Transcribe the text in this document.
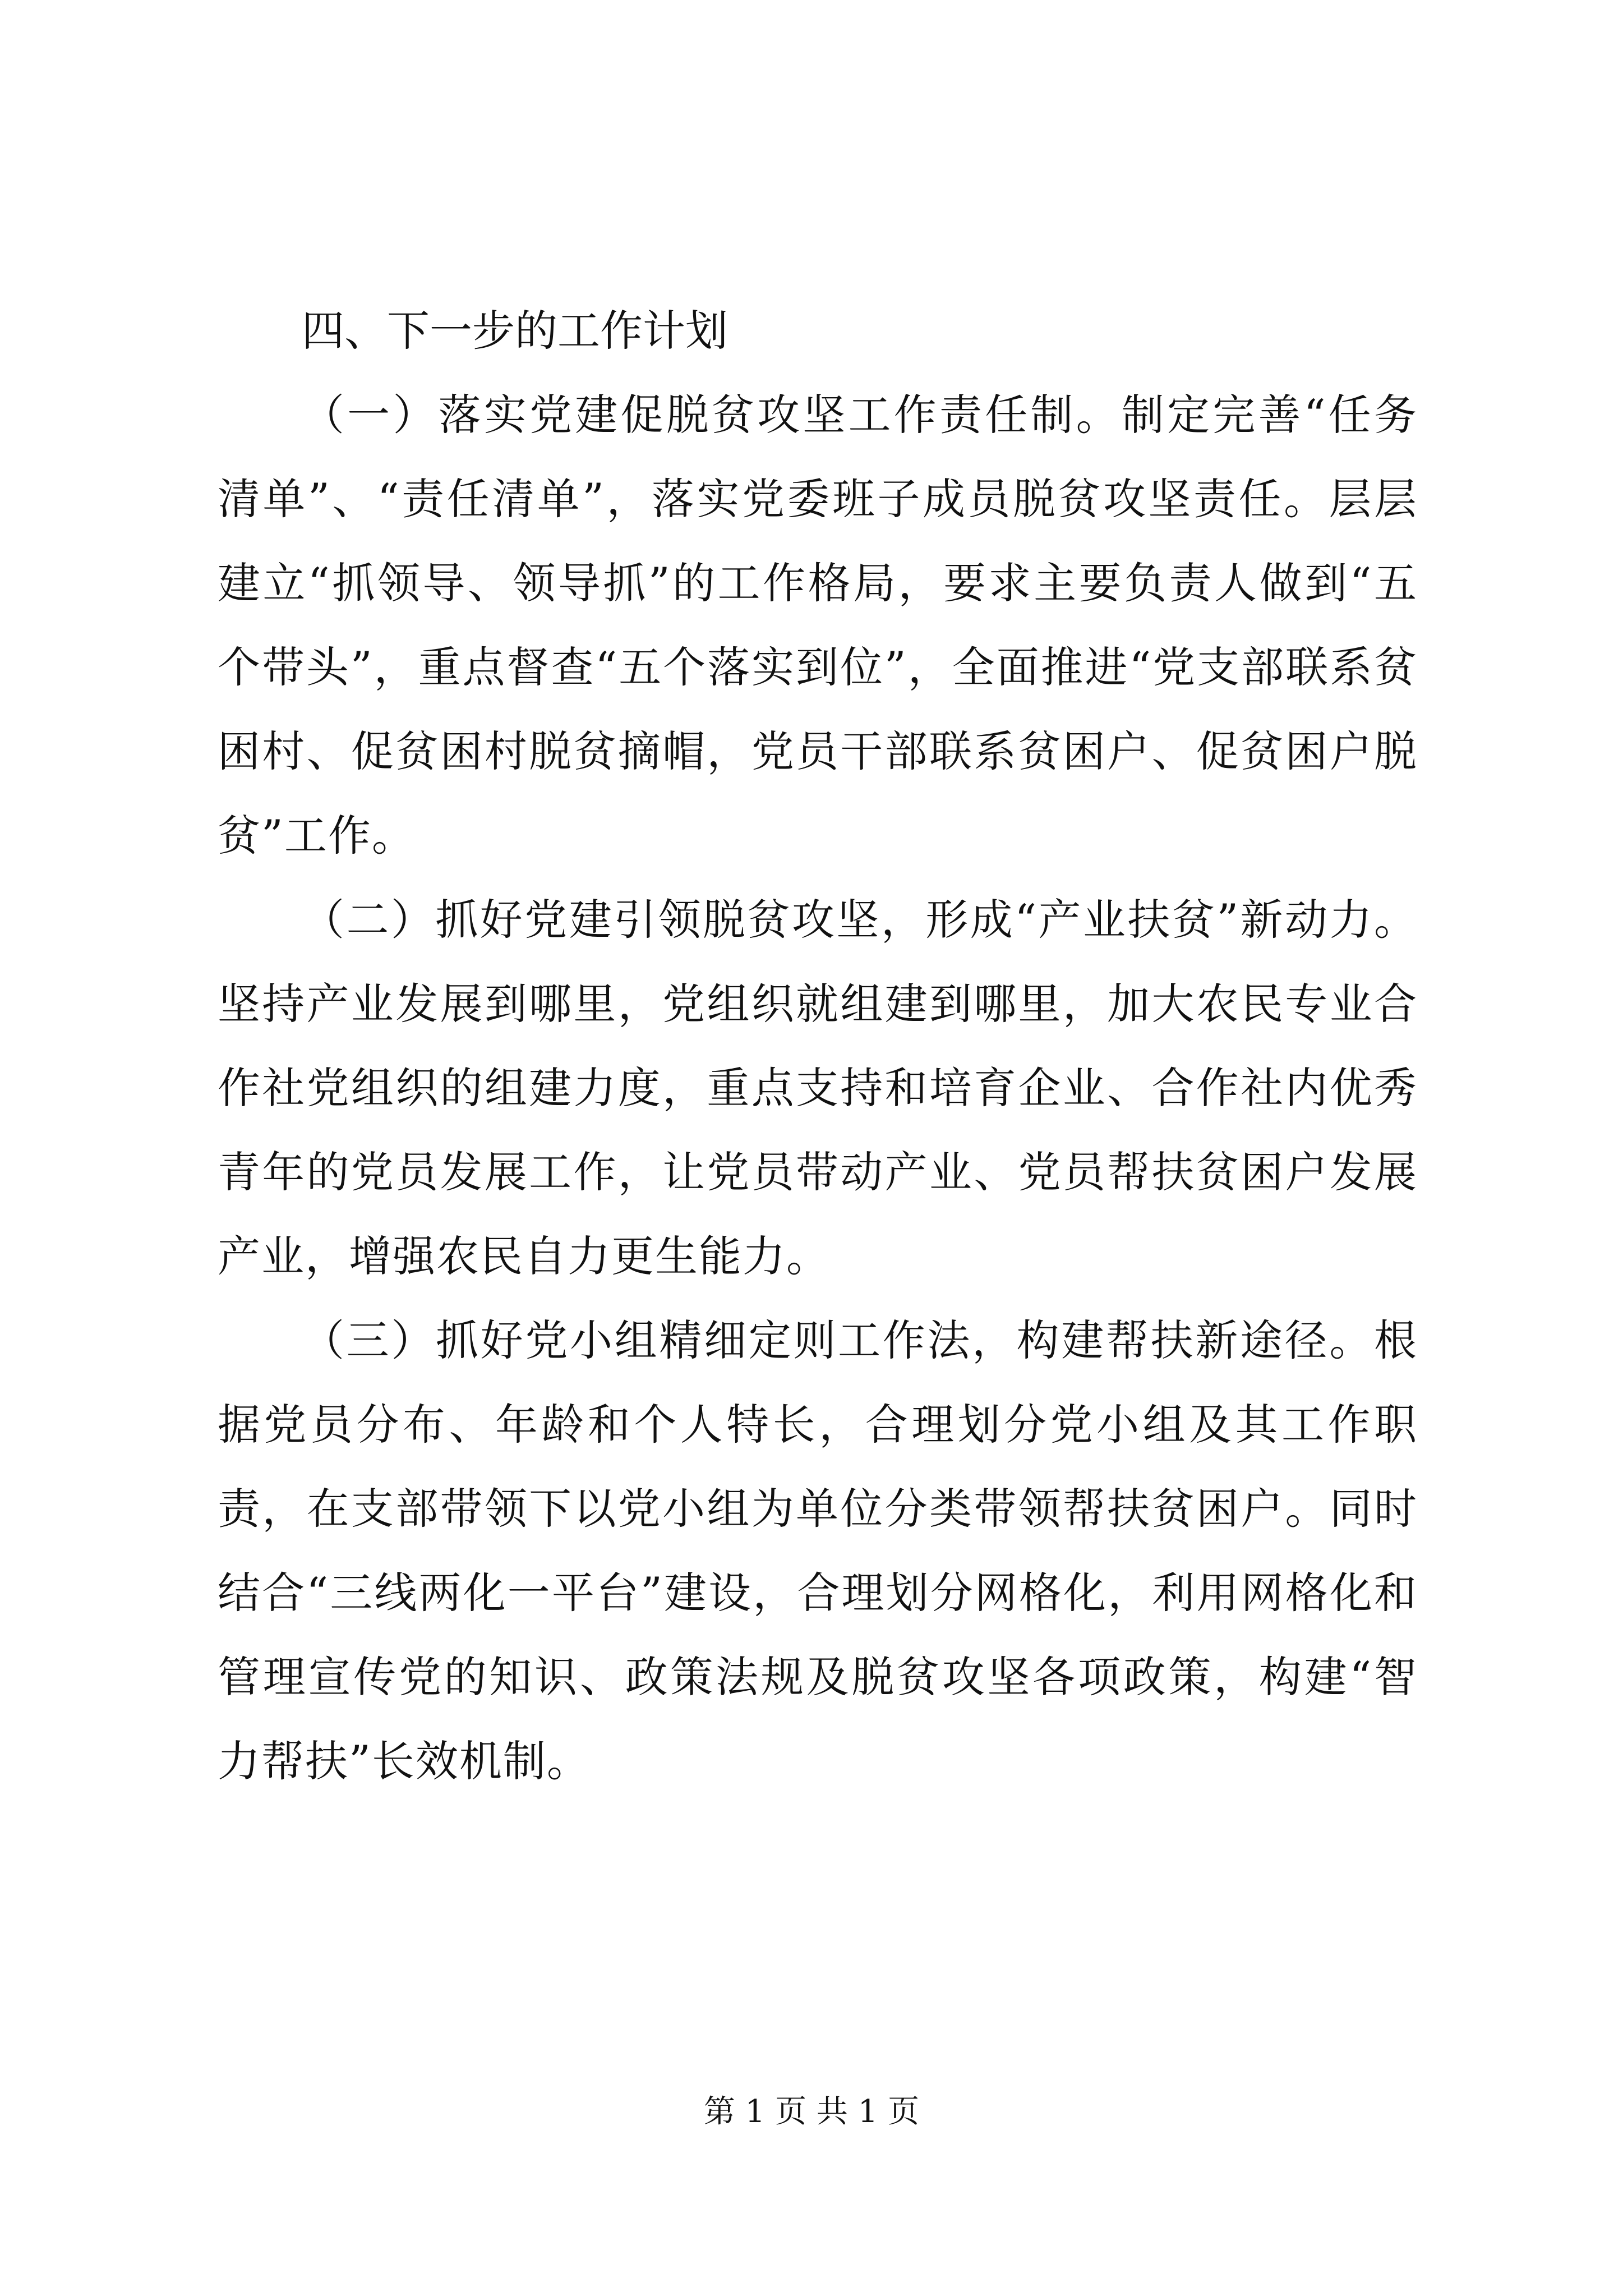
四、下一步的工作计划

（一）落实党建促脱贫攻坚工作责任制。制定完善“任务清单”、“责任清单”，落实党委班子成员脱贫攻坚责任。层层建立“抓领导、领导抓”的工作格局，要求主要负责人做到“五个带头”，重点督查“五个落实到位”，全面推进“党支部联系贫困村、促贫困村脱贫摘帽，党员干部联系贫困户、促贫困户脱贫”工作。

（二）抓好党建引领脱贫攻坚，形成“产业扶贫”新动力。坚持产业发展到哪里，党组织就组建到哪里，加大农民专业合作社党组织的组建力度，重点支持和培育企业、合作社内优秀青年的党员发展工作，让党员带动产业、党员帮扶贫困户发展产业，增强农民自力更生能力。

（三）抓好党小组精细定则工作法，构建帮扶新途径。根据党员分布、年龄和个人特长，合理划分党小组及其工作职责，在支部带领下以党小组为单位分类带领帮扶贫困户。同时结合“三线两化一平台”建设，合理划分网格化，利用网格化和管理宣传党的知识、政策法规及脱贫攻坚各项政策，构建“智力帮扶”长效机制。

第 1 页 共 1 页
